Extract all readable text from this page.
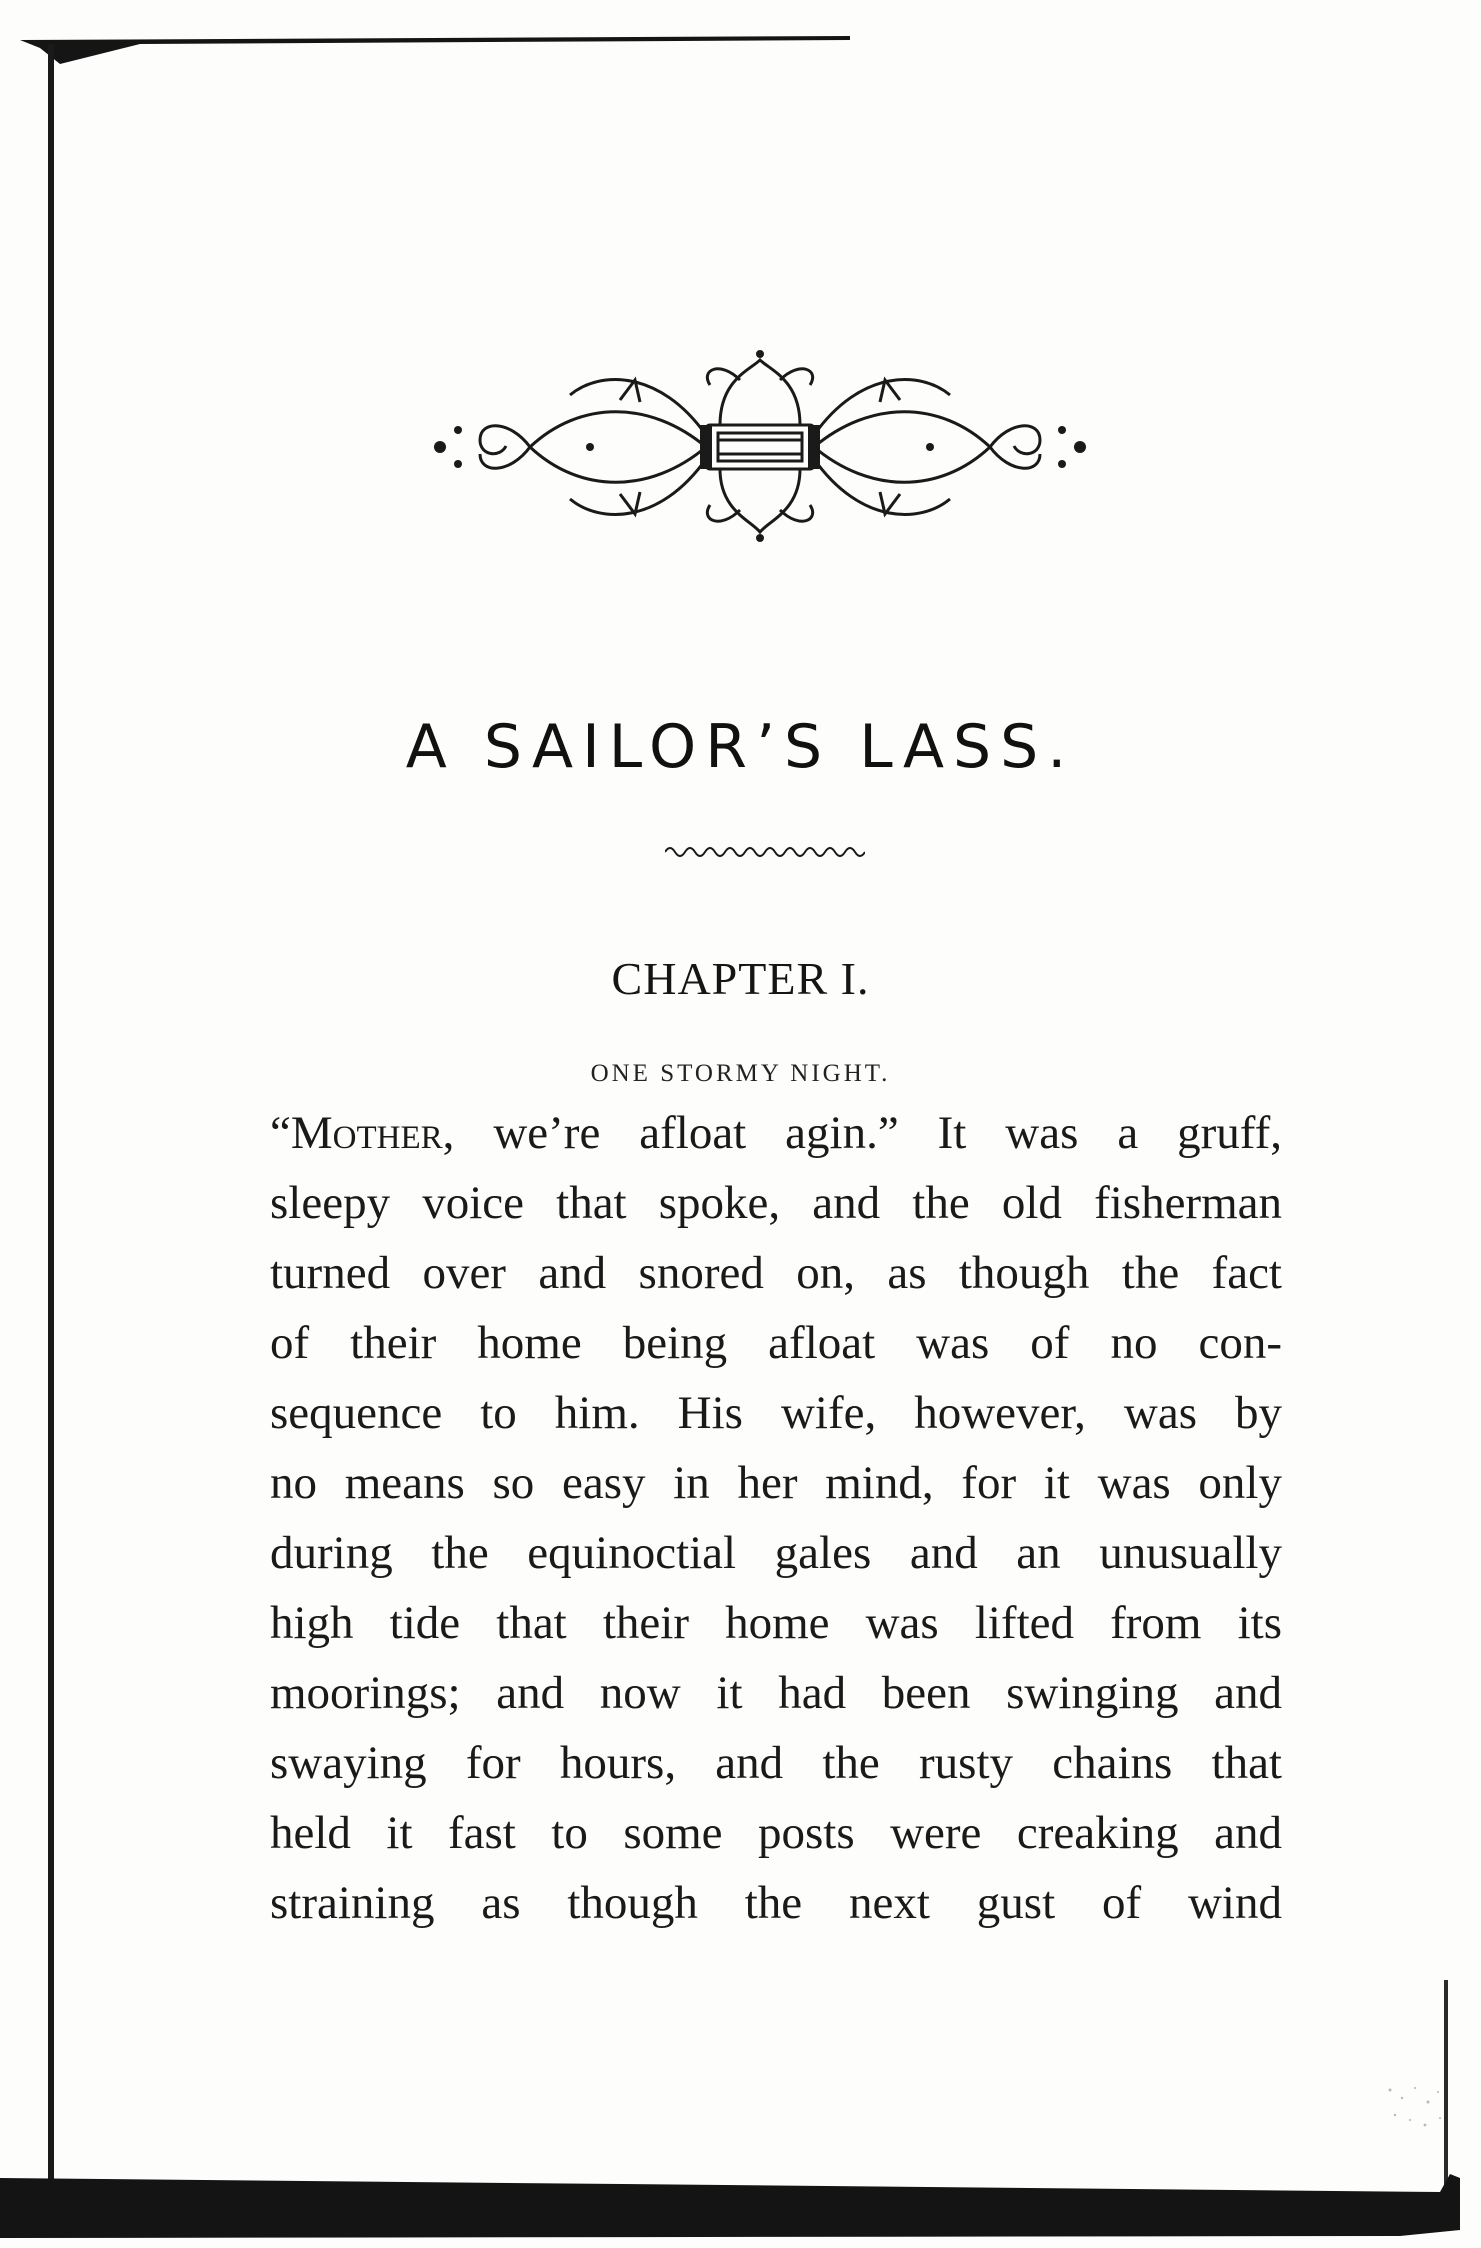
A SAILOR’S LASS.
CHAPTER I.
ONE STORMY NIGHT.
“Mother, we’re afloat agin.” It was a gruff,
sleepy voice that spoke, and the old fisherman
turned over and snored on, as though the fact
of their home being afloat was of no con-
sequence to him. His wife, however, was by
no means so easy in her mind, for it was only
during the equinoctial gales and an unusually
high tide that their home was lifted from its
moorings; and now it had been swinging and
swaying for hours, and the rusty chains that
held it fast to some posts were creaking and
straining as though the next gust of wind
